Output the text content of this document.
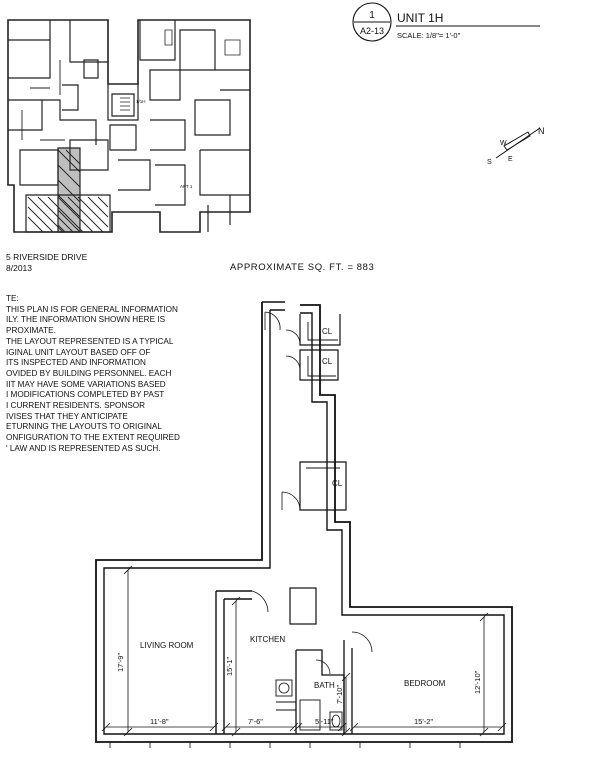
1/1H
APT 1
1
A2-13
UNIT 1H
SCALE: 1/8"= 1'-0"
N
S E
W
5 RIVERSIDE DRIVE
8/2013	APPROXIMATE SQ. FT. = 883
CL
CL
CL
LIVING ROOM
KITCHEN
BATH	BEDROOM
17'-9"
11'-8"
15'-1"
7'-6"
7'-10"
5'-11"
12'-10"
15'-2"
TE:
THIS PLAN IS FOR GENERAL INFORMATION
ILY. THE INFORMATION SHOWN HERE IS
PROXIMATE.
THE LAYOUT REPRESENTED IS A TYPICAL
IGINAL UNIT LAYOUT BASED OFF OF
ITS INSPECTED AND INFORMATION
OVIDED BY BUILDING PERSONNEL. EACH
IIT MAY HAVE SOME VARIATIONS BASED
I MODIFICATIONS COMPLETED BY PAST
I CURRENT RESIDENTS. SPONSOR
IVISES THAT THEY ANTICIPATE
ETURNING THE LAYOUTS TO ORIGINAL
ONFIGURATION TO THE EXTENT REQUIRED
' LAW AND IS REPRESENTED AS SUCH.
